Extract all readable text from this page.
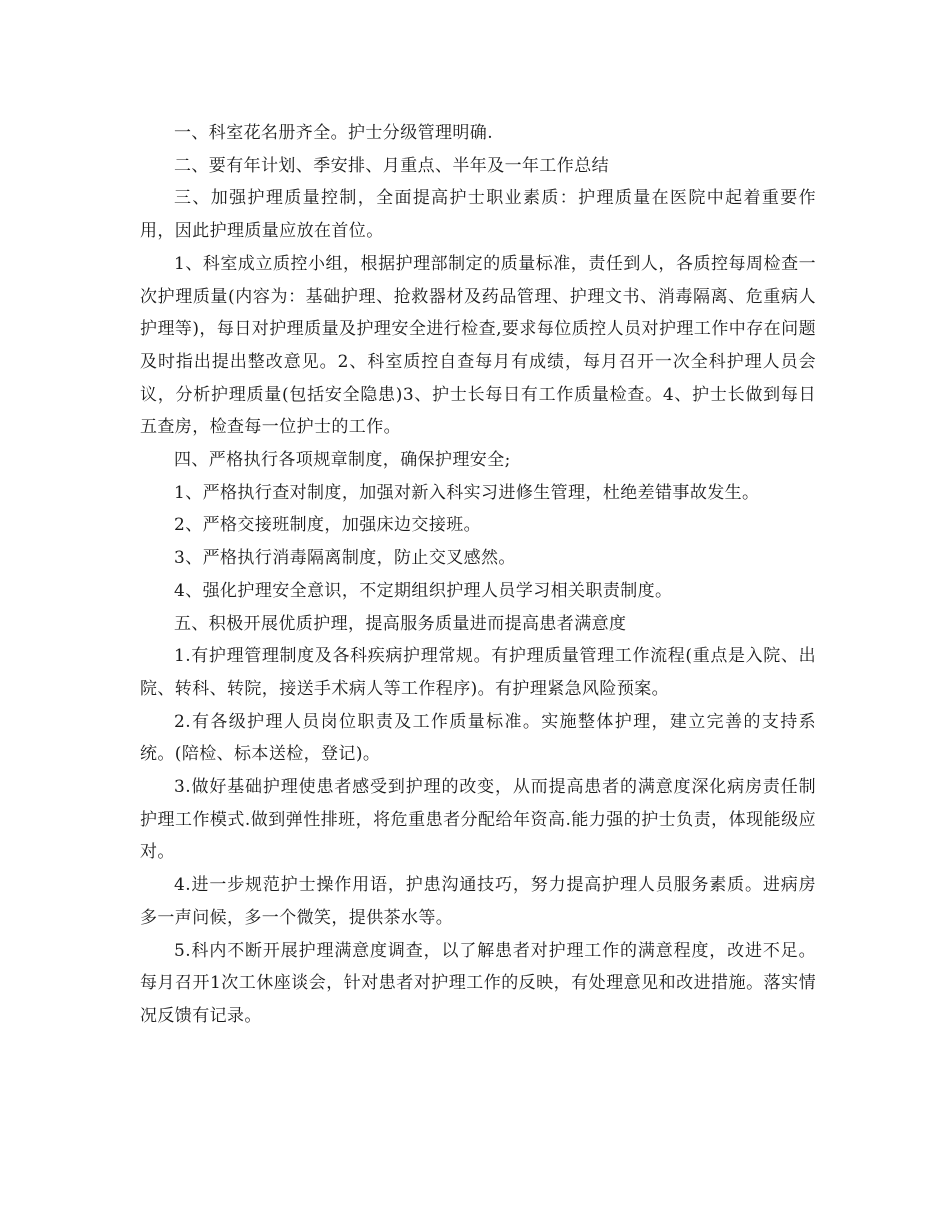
一、科室花名册齐全。护士分级管理明确.

二、要有年计划、季安排、月重点、半年及一年工作总结

三、加强护理质量控制，全面提高护士职业素质：护理质量在医院中起着重要作用，因此护理质量应放在首位。

1、科室成立质控小组，根据护理部制定的质量标准，责任到人，各质控每周检查一次护理质量(内容为：基础护理、抢救器材及药品管理、护理文书、消毒隔离、危重病人护理等)，每日对护理质量及护理安全进行检查,要求每位质控人员对护理工作中存在问题及时指出提出整改意见。2、科室质控自查每月有成绩，每月召开一次全科护理人员会议，分析护理质量(包括安全隐患)3、护士长每日有工作质量检查。4、护士长做到每日五查房，检查每一位护士的工作。

四、严格执行各项规章制度，确保护理安全;

1、严格执行查对制度，加强对新入科实习进修生管理，杜绝差错事故发生。

2、严格交接班制度，加强床边交接班。

3、严格执行消毒隔离制度，防止交叉感然。

4、强化护理安全意识，不定期组织护理人员学习相关职责制度。

五、积极开展优质护理，提高服务质量进而提高患者满意度

1.有护理管理制度及各科疾病护理常规。有护理质量管理工作流程(重点是入院、出院、转科、转院，接送手术病人等工作程序)。有护理紧急风险预案。

2.有各级护理人员岗位职责及工作质量标准。实施整体护理，建立完善的支持系统。(陪检、标本送检，登记)。

3.做好基础护理使患者感受到护理的改变，从而提高患者的满意度深化病房责任制护理工作模式.做到弹性排班，将危重患者分配给年资高.能力强的护士负责，体现能级应对。

4.进一步规范护士操作用语，护患沟通技巧，努力提高护理人员服务素质。进病房多一声问候，多一个微笑，提供茶水等。

5.科内不断开展护理满意度调查，以了解患者对护理工作的满意程度，改进不足。每月召开1次工休座谈会，针对患者对护理工作的反映，有处理意见和改进措施。落实情况反馈有记录。
